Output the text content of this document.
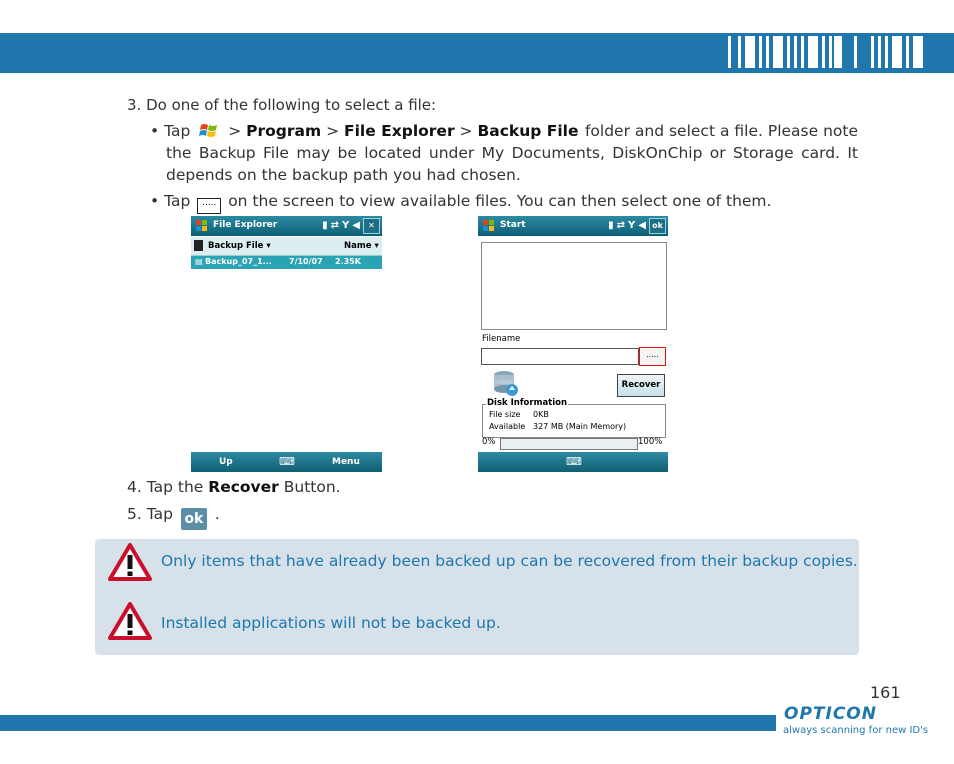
3. Do one of the following to select a file:
• Tap > Program > File Explorer > Backup File folder and select a file. Please note
the Backup File may be located under My Documents, DiskOnChip or Storage card. It
depends on the backup path you had chosen.
• Tap ..... on the screen to view available files. You can then select one of them.
File Explorer	▮⇄Y◀ ✕
Backup File ▾	Name ▾
▤ Backup_07_1... 7/10/07 2.35K
Up	⌨	Menu
Start	▮⇄Y◀ ok
Filename
.....
Recover
Disk Information
File size 0KB
Available 327 MB (Main Memory)
0%	100%
⌨
4. Tap the Recover Button.
5. Tap ok .
Only items that have already been backed up can be recovered from their backup copies.
Installed applications will not be backed up.
161
OPTICON
always scanning for new ID's
